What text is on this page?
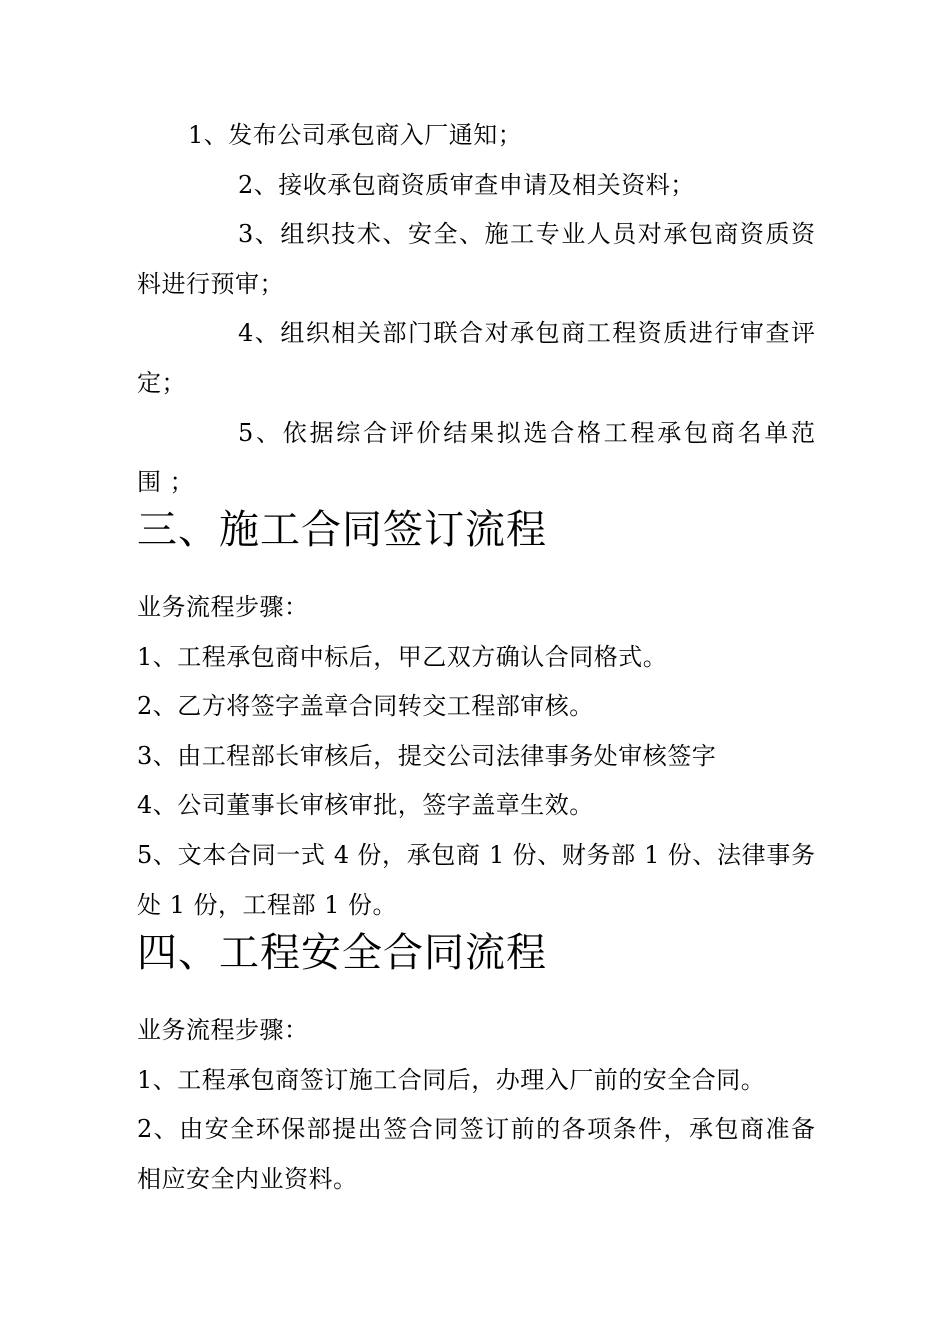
1、发布公司承包商入厂通知；
2、接收承包商资质审查申请及相关资料；
3、组织技术、安全、施工专业人员对承包商资质资
料进行预审；
4、组织相关部门联合对承包商工程资质进行审查评
定；
5、依据综合评价结果拟选合格工程承包商名单范
围 ；
三、施工合同签订流程
业务流程步骤：
1、工程承包商中标后，甲乙双方确认合同格式。
2、乙方将签字盖章合同转交工程部审核。
3、由工程部长审核后，提交公司法律事务处审核签字
4、公司董事长审核审批，签字盖章生效。
5、文本合同一式 4 份，承包商 1 份、财务部 1 份、法律事务
处 1 份，工程部 1 份。
四、工程安全合同流程
业务流程步骤：
1、工程承包商签订施工合同后，办理入厂前的安全合同。
2、由安全环保部提出签合同签订前的各项条件，承包商准备
相应安全内业资料。
